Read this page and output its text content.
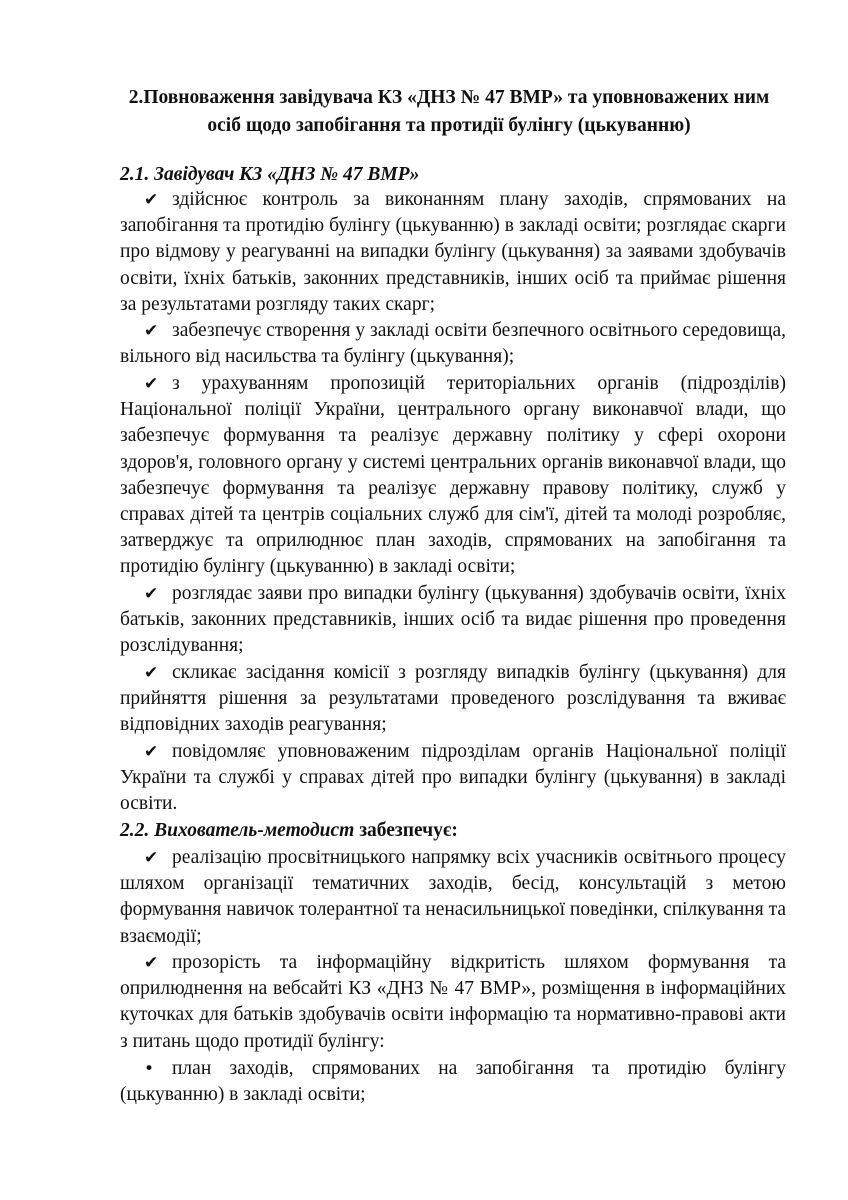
2.Повноваження завідувача КЗ «ДНЗ № 47 ВМР» та уповноважених ним
осіб щодо запобігання та протидії булінгу (цькуванню)
2.1. Завідувач КЗ «ДНЗ № 47 ВМР»
✔ здійснює контроль за виконанням плану заходів, спрямованих на запобігання та протидію булінгу (цькуванню) в закладі освіти; розглядає скарги про відмову у реагуванні на випадки булінгу (цькування) за заявами здобувачів освіти, їхніх батьків, законних представників, інших осіб та приймає рішення за результатами розгляду таких скарг;
✔ забезпечує створення у закладі освіти безпечного освітнього середовища, вільного від насильства та булінгу (цькування);
✔ з урахуванням пропозицій територіальних органів (підрозділів) Національної поліції України, центрального органу виконавчої влади, що забезпечує формування та реалізує державну політику у сфері охорони здоров'я, головного органу у системі центральних органів виконавчої влади, що забезпечує формування та реалізує державну правову політику, служб у справах дітей та центрів соціальних служб для сім'ї, дітей та молоді розробляє, затверджує та оприлюднює план заходів, спрямованих на запобігання та протидію булінгу (цькуванню) в закладі освіти;
✔ розглядає заяви про випадки булінгу (цькування) здобувачів освіти, їхніх батьків, законних представників, інших осіб та видає рішення про проведення розслідування;
✔ скликає засідання комісії з розгляду випадків булінгу (цькування) для прийняття рішення за результатами проведеного розслідування та вживає відповідних заходів реагування;
✔ повідомляє уповноваженим підрозділам органів Національної поліції України та службі у справах дітей про випадки булінгу (цькування) в закладі освіти.
2.2. Вихователь-методист забезпечує:
✔ реалізацію просвітницького напрямку всіх учасників освітнього процесу шляхом організації тематичних заходів, бесід, консультацій з метою формування навичок толерантної та ненасильницької поведінки, спілкування та взаємодії;
✔ прозорість та інформаційну відкритість шляхом формування та оприлюднення на вебсайті КЗ «ДНЗ № 47 ВМР», розміщення в інформаційних куточках для батьків здобувачів освіти інформацію та нормативно-правові акти з питань щодо протидії булінгу:
• план заходів, спрямованих на запобігання та протидію булінгу (цькуванню) в закладі освіти;
